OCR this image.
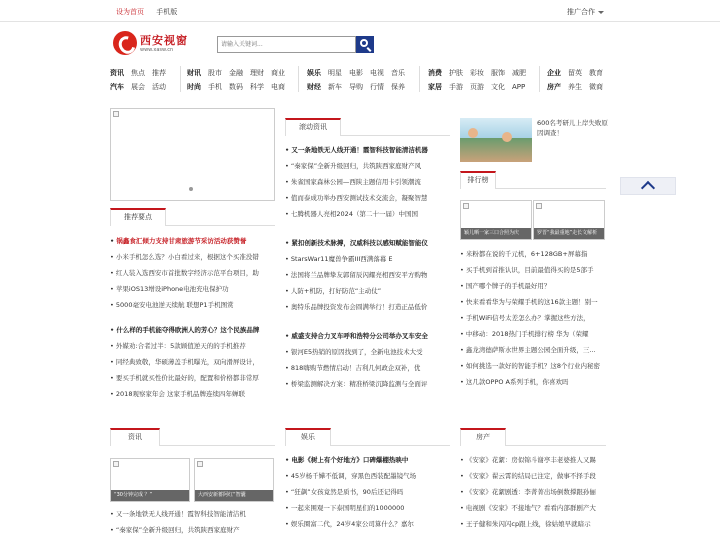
设为首页 手机版	推广合作
西安视窗
www.xasw.cn
请输入关键词...
资讯 焦点 推荐
汽车 展会 活动
财讯 股市 金融 理财 商业
时尚 手机 数码 科学 电商
娱乐 明星 电影 电视 音乐
财经 新车 导购 行情 保养
消费 护肤 彩妆 服饰 减肥
家居 手游 页游 文化 APP
企业 留英 教育
房产 养生 微商
推荐要点
• 锅鑫食汇倾力支持甘肃旅游节采访活动获赞誉
• 小米手机怎么选？小白看过来，根据这个买准没错
• 红人装入选西安市首批数字经济示范平台项目，助
• 苹果iOS13增设iPhone电池充电保护功
• 5000毫安电池逆天续航 联想P1手机图赏
• 什么样的手机能夺得欧洲人的芳心？这个民族品牌
• 外媒劝:合者过半：5款顾值逆天的的手机推荐
• 同经典致敬，华硕薄盖手机曝光，双向滑屏设计，
• 要买手机就买性价比最好的，配置和价格都非常厚
• 2018观察家年会 这家手机品牌连续四年蝉联
滚动资讯
• 又一条地铁无人线开通！霞智科技智能清洁机器
• “秦家保”全新升级回归，共筑陕西家庭财产风
• 朱雀国家森林公园—西陕主题信用卡引领潮流
• 值而泰成功举办西安测试技术交流会，凝聚智慧
• 七腾机器人亮相2024（第二十一届）中国国
• 紧扣创新技术脉搏，汉威科技以感知赋能智能仪
• StarsWar11魔兽争霸III西满落幕 E
• 法国将兰品牌挚友郭留辰闪耀亮相西安平方购物
• 人防+机防，打好防范“主动仗”
• 奥特乐品牌投资发布会圆满举行！打造正品低价
• 威盛支持合力叉车呼和浩特分公司举办叉车安全
• 银河E5热销的原因找到了，全新电池技术大受
• 818嗨购节燃情启动！吉利几何政企双补，优
• 桥梁监测解决方案：精准桥梁沉降监测与全面评
600名考研儿上岸失败原因调查！
排行榜
颖儿晒一家三口合照为庆	罗晋“我最重地”走长文解析
• 米粉都在说的千元机，6+128GB+屏幕指
• 买手机到首推认识，目前最值得买的是5部手
• 国产哪个牌子的手机最好用？
• 快来看看华为与荣耀手机的这16款主题！别一
• 手机WiFi信号太差怎么办？掌握这些方法，
• 中移动：2018热门手机排行榜 华为（荣耀
• 鑫龙湾德萨斯水世界主题公园全面升级，三...
• 如何挑选一款好的智能手机？这8个行业内秘密
• 这几款OPPO A系列手机，你喜欢吗
资讯
“30分钟完成 ？”	大西安新蓄阿红“智囊
• 又一条地铁无人线开通！霞智科技智能清洁机
• “秦家保”全新升级回归，共筑陕西家庭财产
娱乐
• 电影《树上有个好地方》口碑爆棚热映中
• 45岁杨千嬅不低调，穿黑色西装配墨镜气场
• “狂飙”女孩竟然是质书，90后还记得吗
• 一起来围观一下泰国明星们的1000000
• 娱乐圈富二代，24岁4家公司算什么？嘉尔
房产
• 《安家》花絮：房似锦斗谢亭丰老婆推人又踢
• 《安家》翟云霄的结局已注定，做事不择手段
• 《安家》花絮剧透：李菁菁出场倒数撑跟孙俪
• 电视剧《安家》不接地气？看看内部群剧产大
• 王子健和朱闪闪cp跟上线，徐姑娘早就暗示
